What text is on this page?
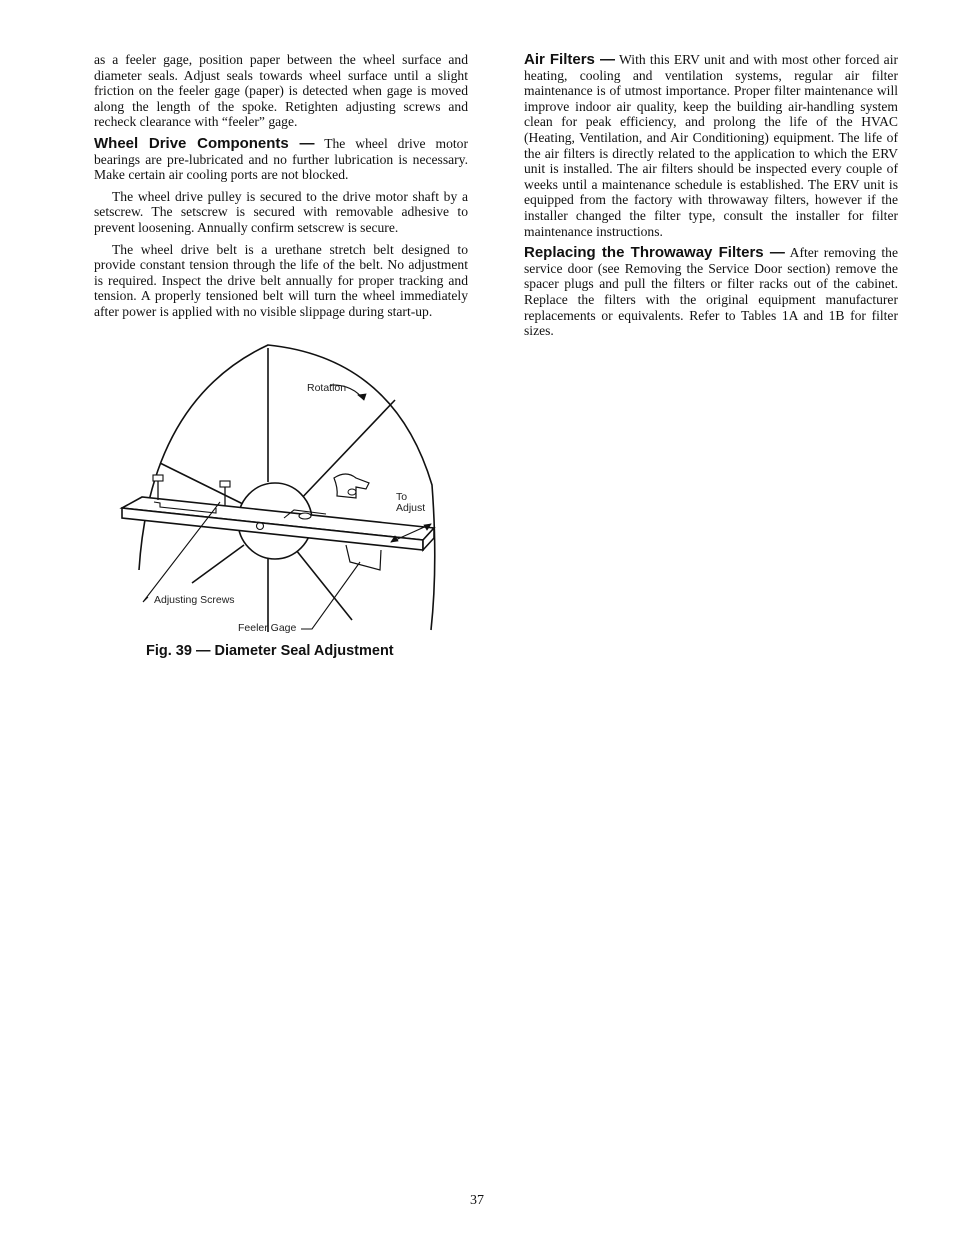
as a feeler gage, position paper between the wheel surface and diameter seals. Adjust seals towards wheel surface until a slight friction on the feeler gage (paper) is detected when gage is moved along the length of the spoke. Retighten adjusting screws and recheck clearance with “feeler” gage.

Wheel Drive Components — The wheel drive motor bearings are pre-lubricated and no further lubrication is necessary. Make certain air cooling ports are not blocked.

The wheel drive pulley is secured to the drive motor shaft by a setscrew. The setscrew is secured with removable adhesive to prevent loosening. Annually confirm setscrew is secure.

The wheel drive belt is a urethane stretch belt designed to provide constant tension through the life of the belt. No adjustment is required. Inspect the drive belt annually for proper tracking and tension. A properly tensioned belt will turn the wheel immediately after power is applied with no visible slippage during start-up.

Rotation
To
Adjust
Adjusting Screws
Feeler Gage
Fig. 39 — Diameter Seal Adjustment

Air Filters — With this ERV unit and with most other forced air heating, cooling and ventilation systems, regular air filter maintenance is of utmost importance. Proper filter maintenance will improve indoor air quality, keep the building air-handling system clean for peak efficiency, and prolong the life of the HVAC (Heating, Ventilation, and Air Conditioning) equipment. The life of the air filters is directly related to the application to which the ERV unit is installed. The air filters should be inspected every couple of weeks until a maintenance schedule is established. The ERV unit is equipped from the factory with throwaway filters, however if the installer changed the filter type, consult the installer for filter maintenance instructions.

Replacing the Throwaway Filters — After removing the service door (see Removing the Service Door section) remove the spacer plugs and pull the filters or filter racks out of the cabinet. Replace the filters with the original equipment manufacturer replacements or equivalents. Refer to Tables 1A and 1B for filter sizes.

37
